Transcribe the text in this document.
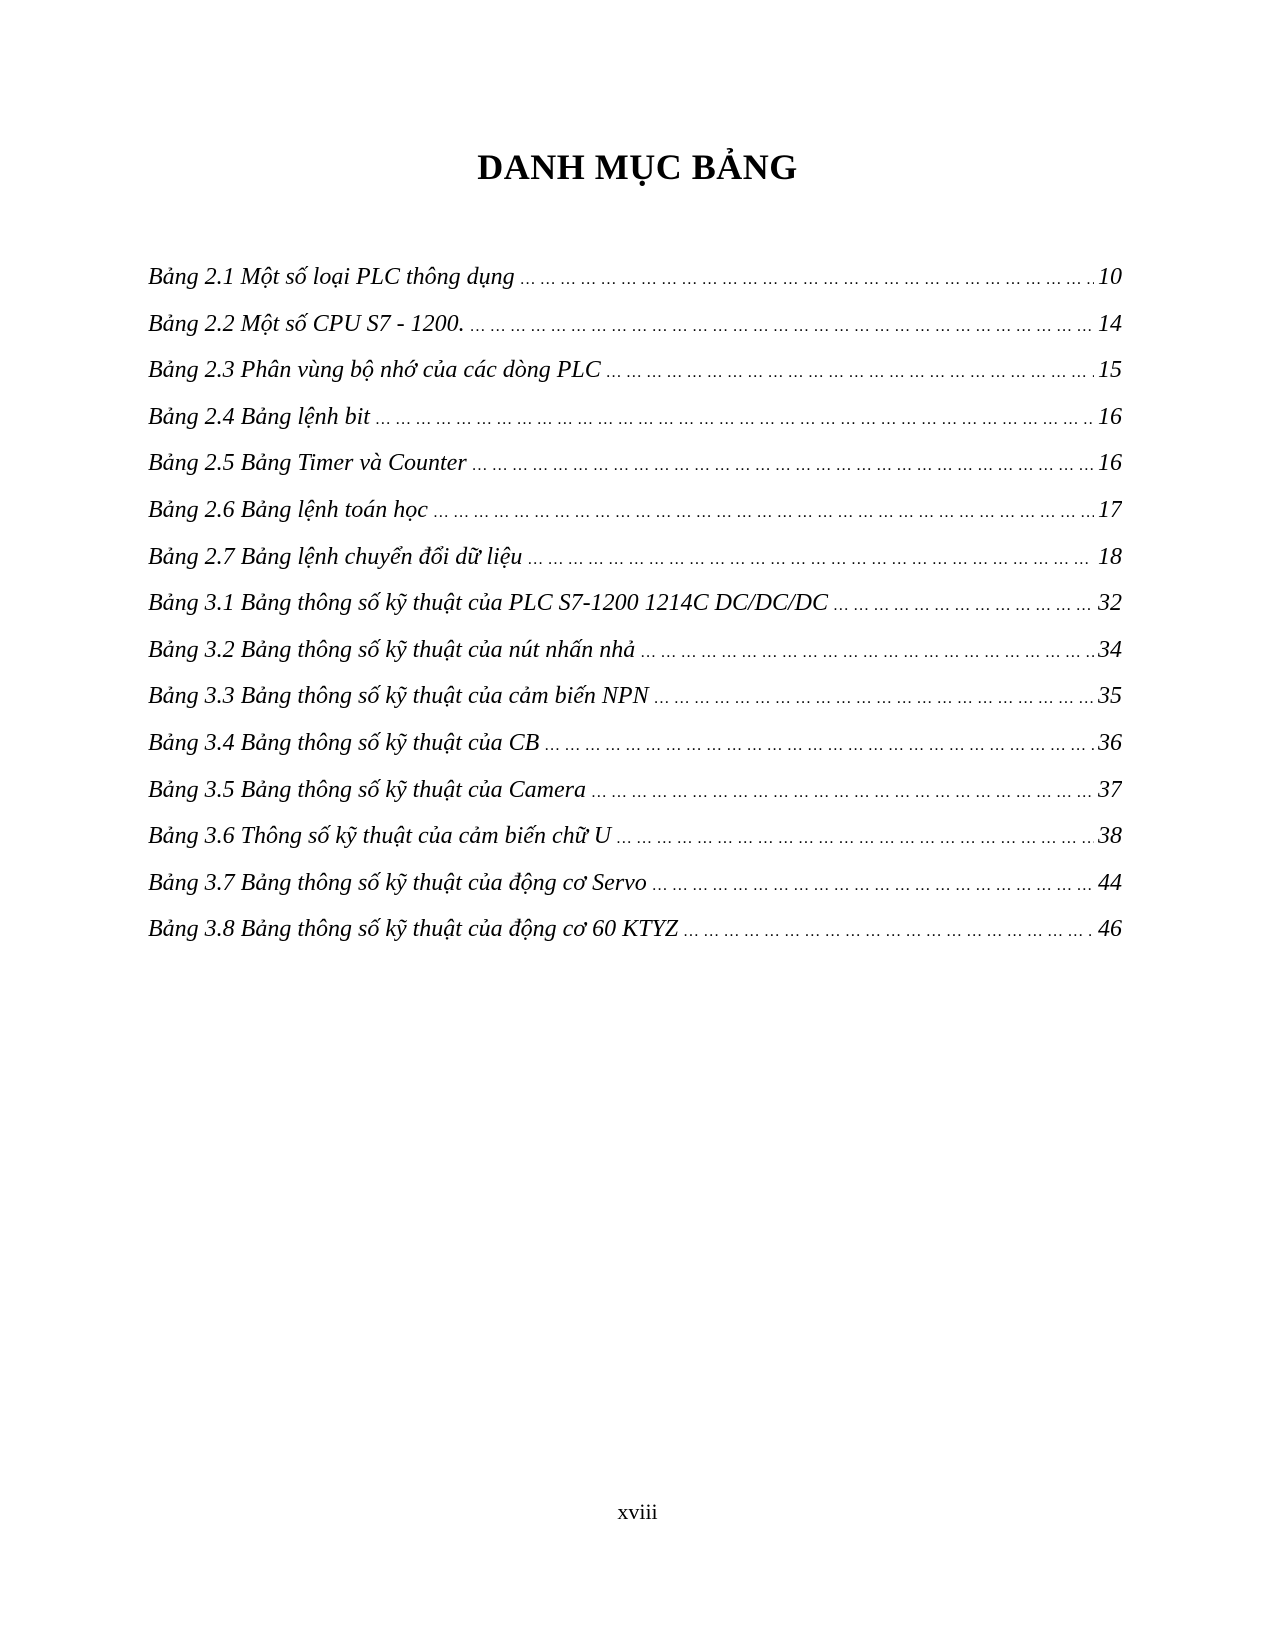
DANH MỤC BẢNG
Bảng 2.1 Một số loại PLC thông dụng … … … … … … … … … … … … … … … … … … … … … … … … … … … … … … … … … … … … … … … … … … … … … … … … … … … …	10
Bảng 2.2 Một số CPU S7 - 1200. … … … … … … … … … … … … … … … … … … … … … … … … … … … … … … … … … … … … … … … … … … … … … … … … … … … …	14
Bảng 2.3 Phân vùng bộ nhớ của các dòng PLC … … … … … … … … … … … … … … … … … … … … … … … … … … … … … … … … … … … … … … … … … … … … … … … … … … … …	15
Bảng 2.4 Bảng lệnh bit … … … … … … … … … … … … … … … … … … … … … … … … … … … … … … … … … … … … … … … … … … … … … … … … … … … …	16
Bảng 2.5 Bảng Timer và Counter … … … … … … … … … … … … … … … … … … … … … … … … … … … … … … … … … … … … … … … … … … … … … … … … … … … …	16
Bảng 2.6 Bảng lệnh toán học … … … … … … … … … … … … … … … … … … … … … … … … … … … … … … … … … … … … … … … … … … … … … … … … … … … …	17
Bảng 2.7 Bảng lệnh chuyển đổi dữ liệu … … … … … … … … … … … … … … … … … … … … … … … … … … … … … … … … … … … … … … … … … … … … … … … … … … … …	18
Bảng 3.1 Bảng thông số kỹ thuật của PLC S7-1200 1214C DC/DC/DC … … … … … … … … … … … … … … … … … … … … … … … … … … … … … … … … … … … … … … … … … … … … … … … … … … … …	32
Bảng 3.2 Bảng thông số kỹ thuật của nút nhấn nhả … … … … … … … … … … … … … … … … … … … … … … … … … … … … … … … … … … … … … … … … … … … … … … … … … … … …	34
Bảng 3.3 Bảng thông số kỹ thuật của cảm biến NPN … … … … … … … … … … … … … … … … … … … … … … … … … … … … … … … … … … … … … … … … … … … … … … … … … … … …	35
Bảng 3.4 Bảng thông số kỹ thuật của CB … … … … … … … … … … … … … … … … … … … … … … … … … … … … … … … … … … … … … … … … … … … … … … … … … … … …	36
Bảng 3.5 Bảng thông số kỹ thuật của Camera … … … … … … … … … … … … … … … … … … … … … … … … … … … … … … … … … … … … … … … … … … … … … … … … … … … …	37
Bảng 3.6 Thông số kỹ thuật của cảm biến chữ U … … … … … … … … … … … … … … … … … … … … … … … … … … … … … … … … … … … … … … … … … … … … … … … … … … … …	38
Bảng 3.7 Bảng thông số kỹ thuật của động cơ Servo … … … … … … … … … … … … … … … … … … … … … … … … … … … … … … … … … … … … … … … … … … … … … … … … … … … …	44
Bảng 3.8 Bảng thông số kỹ thuật của động cơ 60 KTYZ … … … … … … … … … … … … … … … … … … … … … … … … … … … … … … … … … … … … … … … … … … … … … … … … … … … …	46
xviii
